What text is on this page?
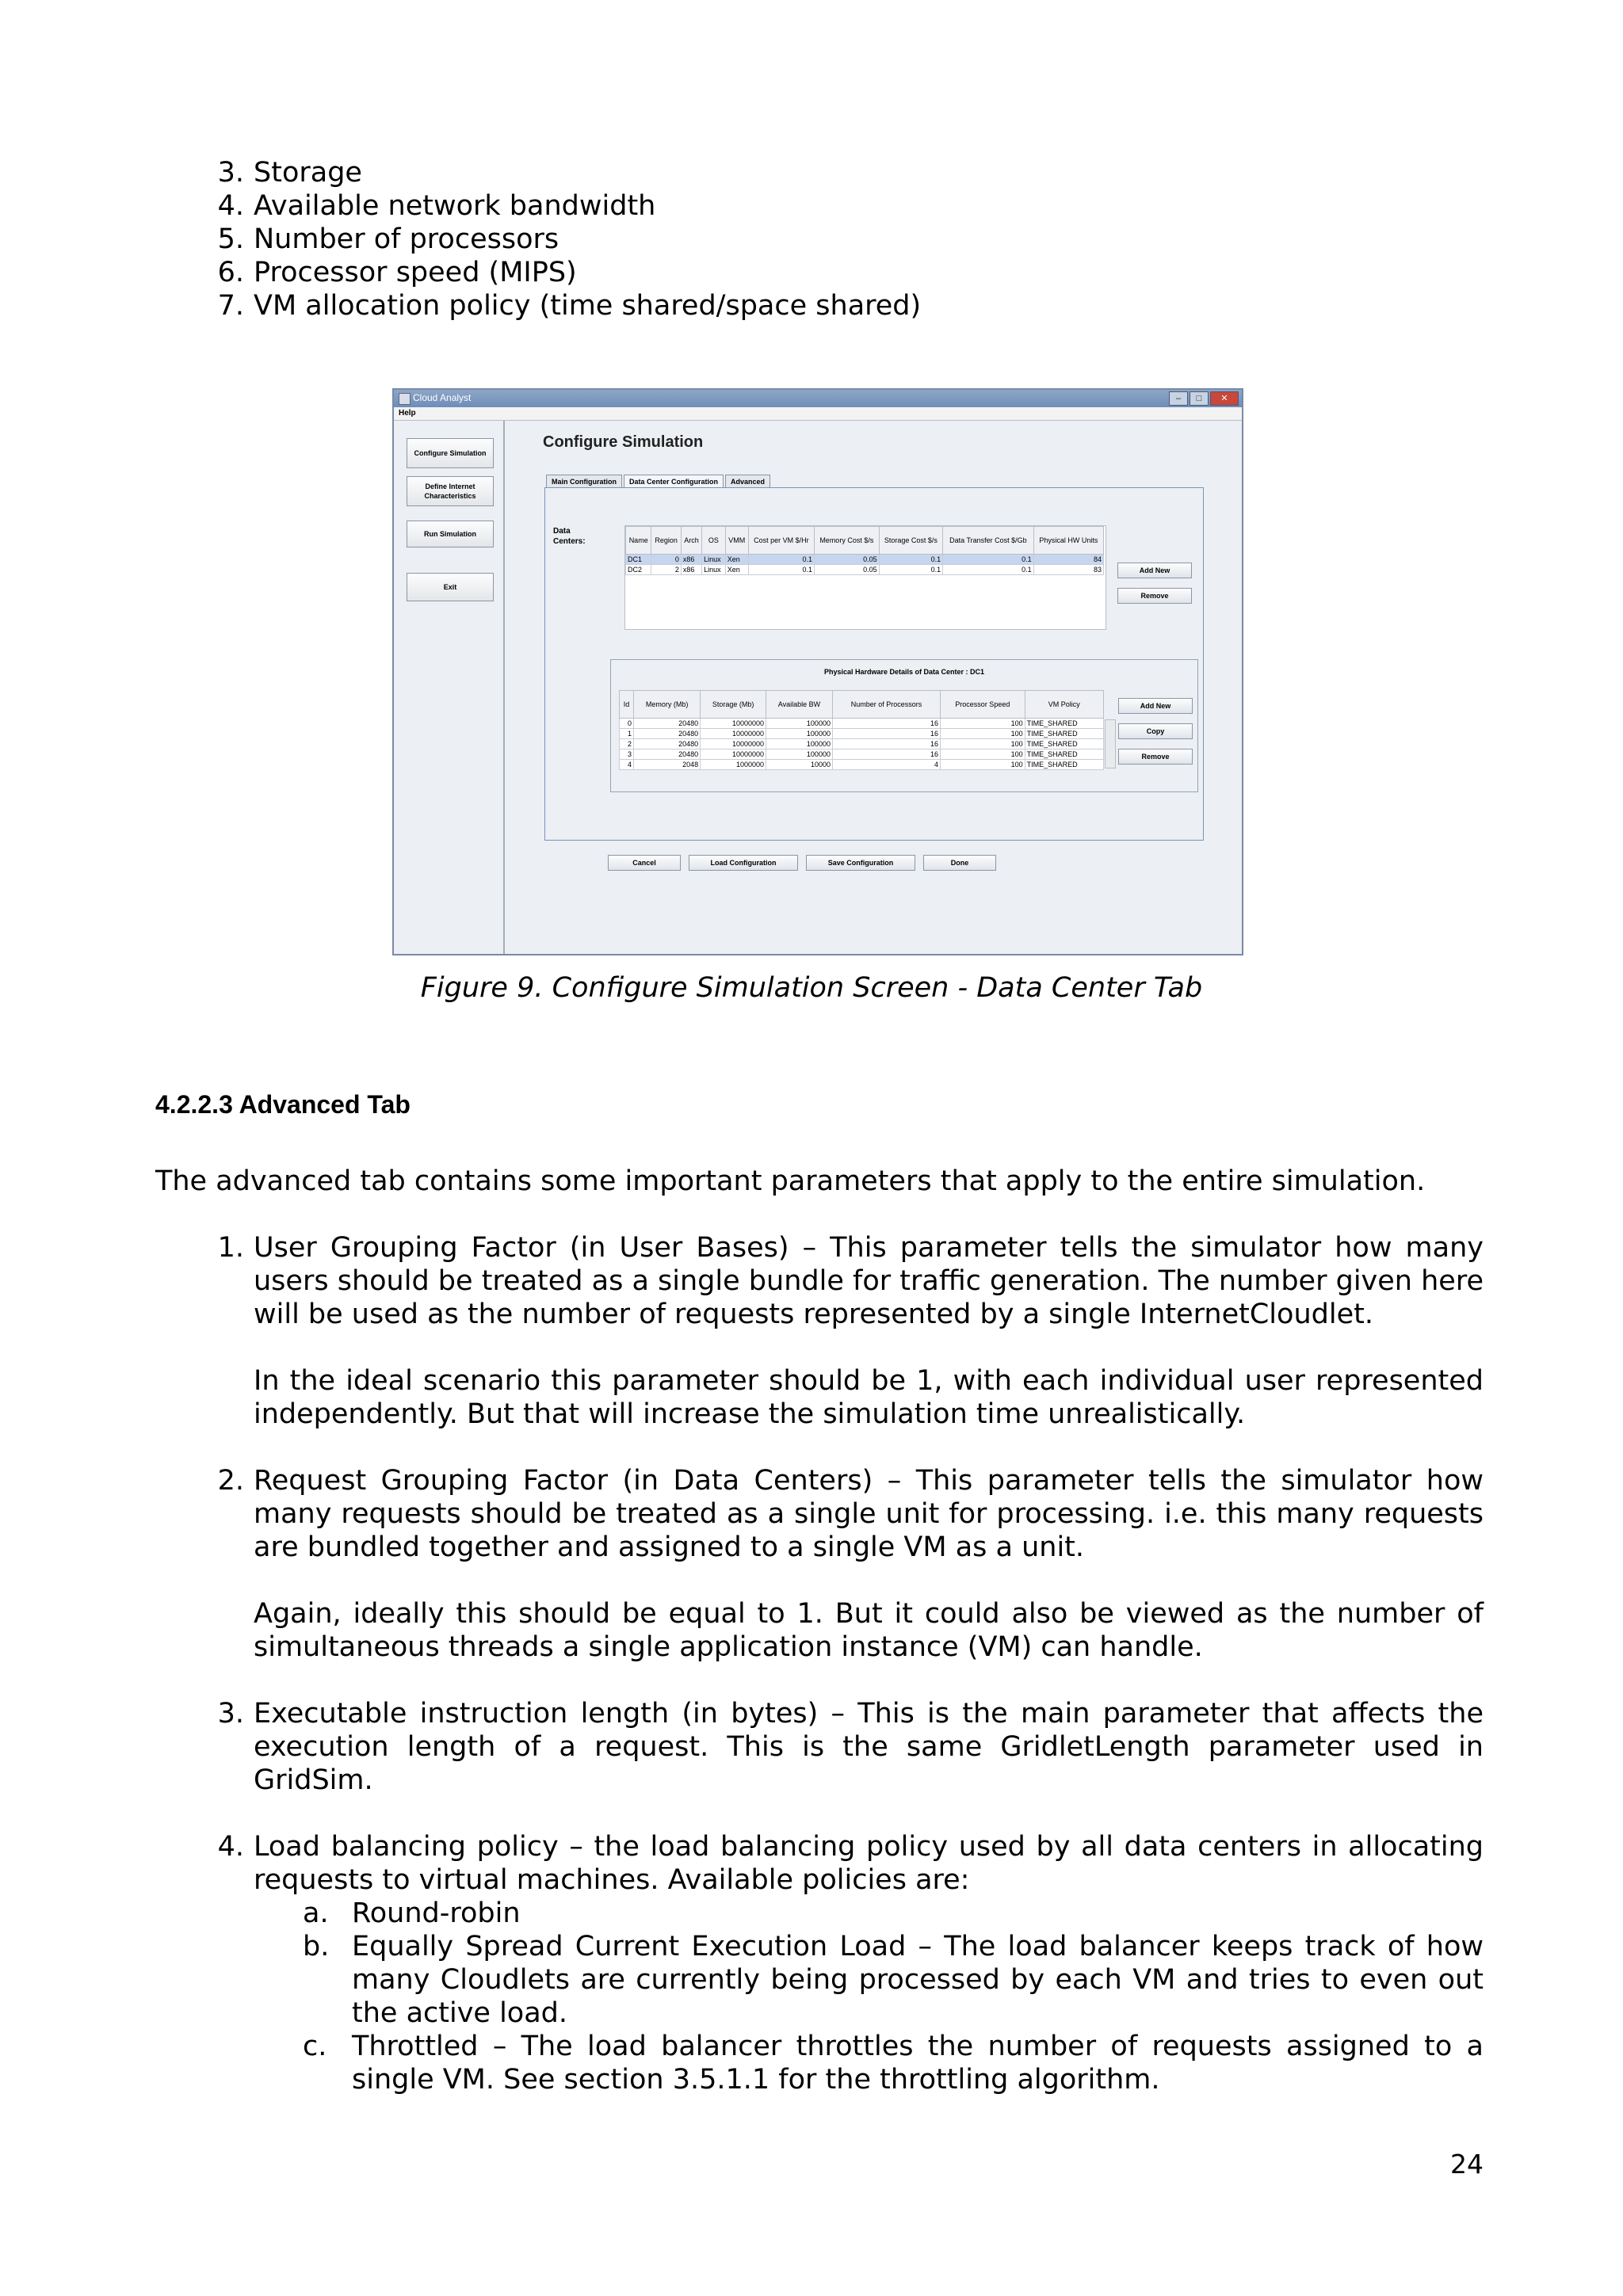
3. Storage
4. Available network bandwidth
5. Number of processors
6. Processor speed (MIPS)
7. VM allocation policy (time shared/space shared)
Cloud Analyst	–	□	✕
Help
Configure Simulation
Define Internet Characteristics
Run Simulation
Exit
Configure Simulation
Main Configuration	Data Center Configuration	Advanced
Data Centers:	Name	Region	Arch	OS	VMM	Cost per VM $/Hr	Memory Cost $/s	Storage Cost $/s	Data Transfer Cost $/Gb	Physical HW Units
DC1	0	x86	Linux	Xen	0.1	0.05	0.1	0.1	84
DC2	2	x86	Linux	Xen	0.1	0.05	0.1	0.1	83	Add New
Remove
Physical Hardware Details of Data Center : DC1
Id	Memory (Mb)	Storage (Mb)	Available BW	Number of Processors	Processor Speed	VM Policy
0	20480	10000000	100000	16	100	TIME_SHARED
1	20480	10000000	100000	16	100	TIME_SHARED
2	20480	10000000	100000	16	100	TIME_SHARED
3	20480	10000000	100000	16	100	TIME_SHARED
4	2048	1000000	10000	4	100	TIME_SHARED
Add New
Copy
Remove
Cancel	Load Configuration	Save Configuration	Done
Figure 9. Configure Simulation Screen - Data Center Tab
4.2.2.3 Advanced Tab
The advanced tab contains some important parameters that apply to the entire simulation.
1. User Grouping Factor (in User Bases) – This parameter tells the simulator how many users should be treated as a single bundle for traffic generation. The number given here will be used as the number of requests represented by a single InternetCloudlet.
In the ideal scenario this parameter should be 1, with each individual user represented independently. But that will increase the simulation time unrealistically.
2. Request Grouping Factor (in Data Centers) – This parameter tells the simulator how many requests should be treated as a single unit for processing. i.e. this many requests are bundled together and assigned to a single VM as a unit.
Again, ideally this should be equal to 1. But it could also be viewed as the number of simultaneous threads a single application instance (VM) can handle.
3. Executable instruction length (in bytes) – This is the main parameter that affects the execution length of a request. This is the same GridletLength parameter used in GridSim.
4. Load balancing policy – the load balancing policy used by all data centers in allocating requests to virtual machines. Available policies are:
a. Round-robin
b. Equally Spread Current Execution Load – The load balancer keeps track of how many Cloudlets are currently being processed by each VM and tries to even out the active load.
c. Throttled – The load balancer throttles the number of requests assigned to a single VM. See section 3.5.1.1 for the throttling algorithm.
24
